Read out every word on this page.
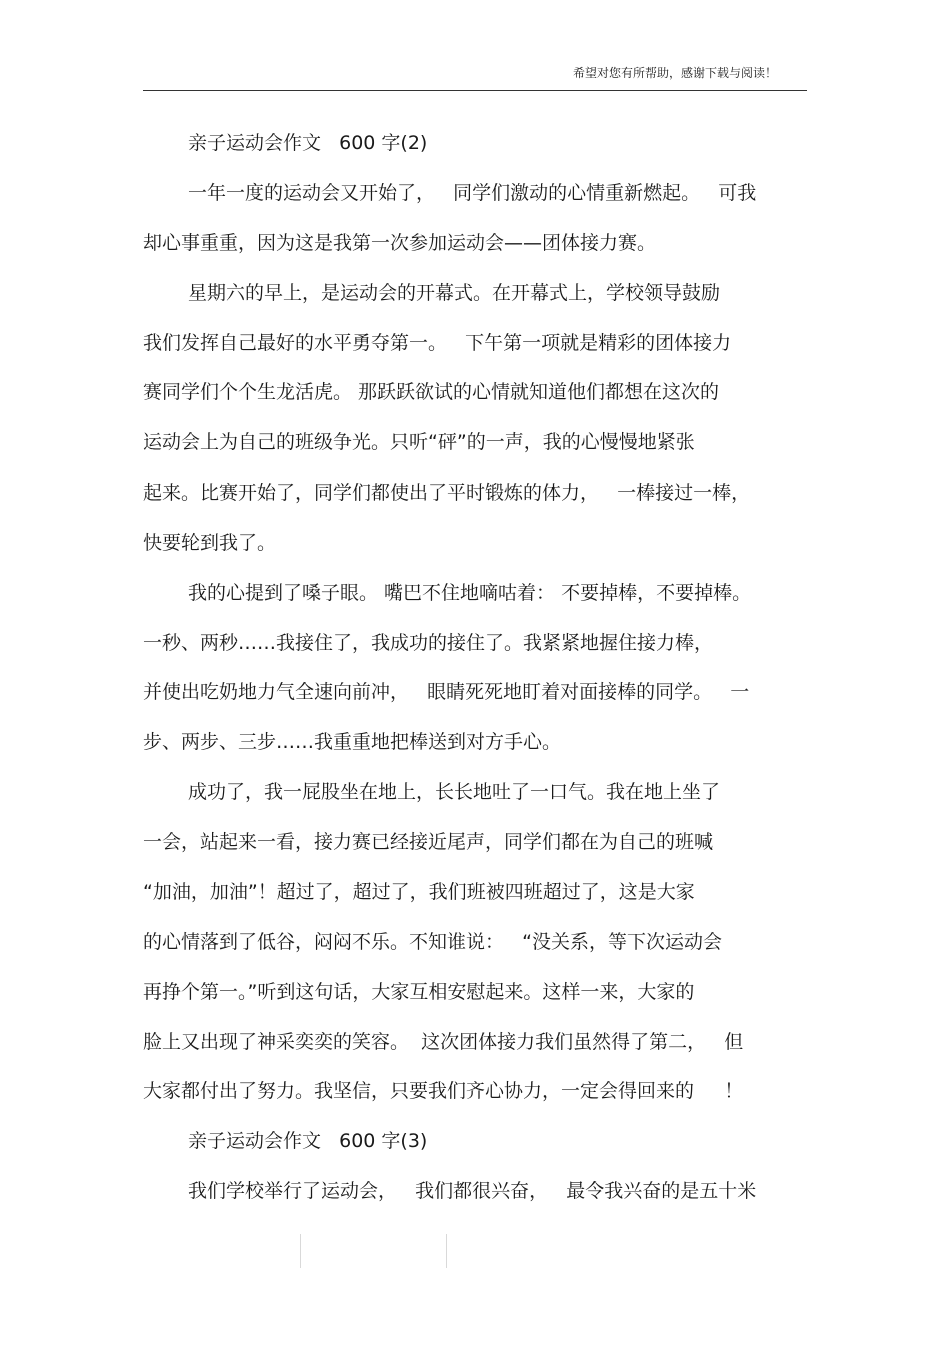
希望对您有所帮助，感谢下载与阅读！
亲子运动会作文   600 字(2)
一年一度的运动会又开始了，   同学们激动的心情重新燃起。   可我
却心事重重，因为这是我第一次参加运动会——团体接力赛。
星期六的早上，是运动会的开幕式。在开幕式上，学校领导鼓励
我们发挥自己最好的水平勇夺第一。   下午第一项就是精彩的团体接力
赛同学们个个生龙活虎。 那跃跃欲试的心情就知道他们都想在这次的
运动会上为自己的班级争光。只听“砰”的一声，我的心慢慢地紧张
起来。比赛开始了，同学们都使出了平时锻炼的体力，   一棒接过一棒，
快要轮到我了。
我的心提到了嗓子眼。 嘴巴不住地嘀咕着： 不要掉棒，不要掉棒。
一秒、两秒……我接住了，我成功的接住了。我紧紧地握住接力棒，
并使出吃奶地力气全速向前冲，   眼睛死死地盯着对面接棒的同学。   一
步、两步、三步……我重重地把棒送到对方手心。
成功了，我一屁股坐在地上，长长地吐了一口气。我在地上坐了
一会，站起来一看，接力赛已经接近尾声，同学们都在为自己的班喊
“加油，加油”！超过了，超过了，我们班被四班超过了，这是大家
的心情落到了低谷，闷闷不乐。不知谁说：   “没关系，等下次运动会
再挣个第一。”听到这句话，大家互相安慰起来。这样一来，大家的
脸上又出现了神采奕奕的笑容。  这次团体接力我们虽然得了第二，   但
大家都付出了努力。我坚信，只要我们齐心协力，一定会得回来的     ！
亲子运动会作文   600 字(3)
我们学校举行了运动会，   我们都很兴奋，   最令我兴奋的是五十米
